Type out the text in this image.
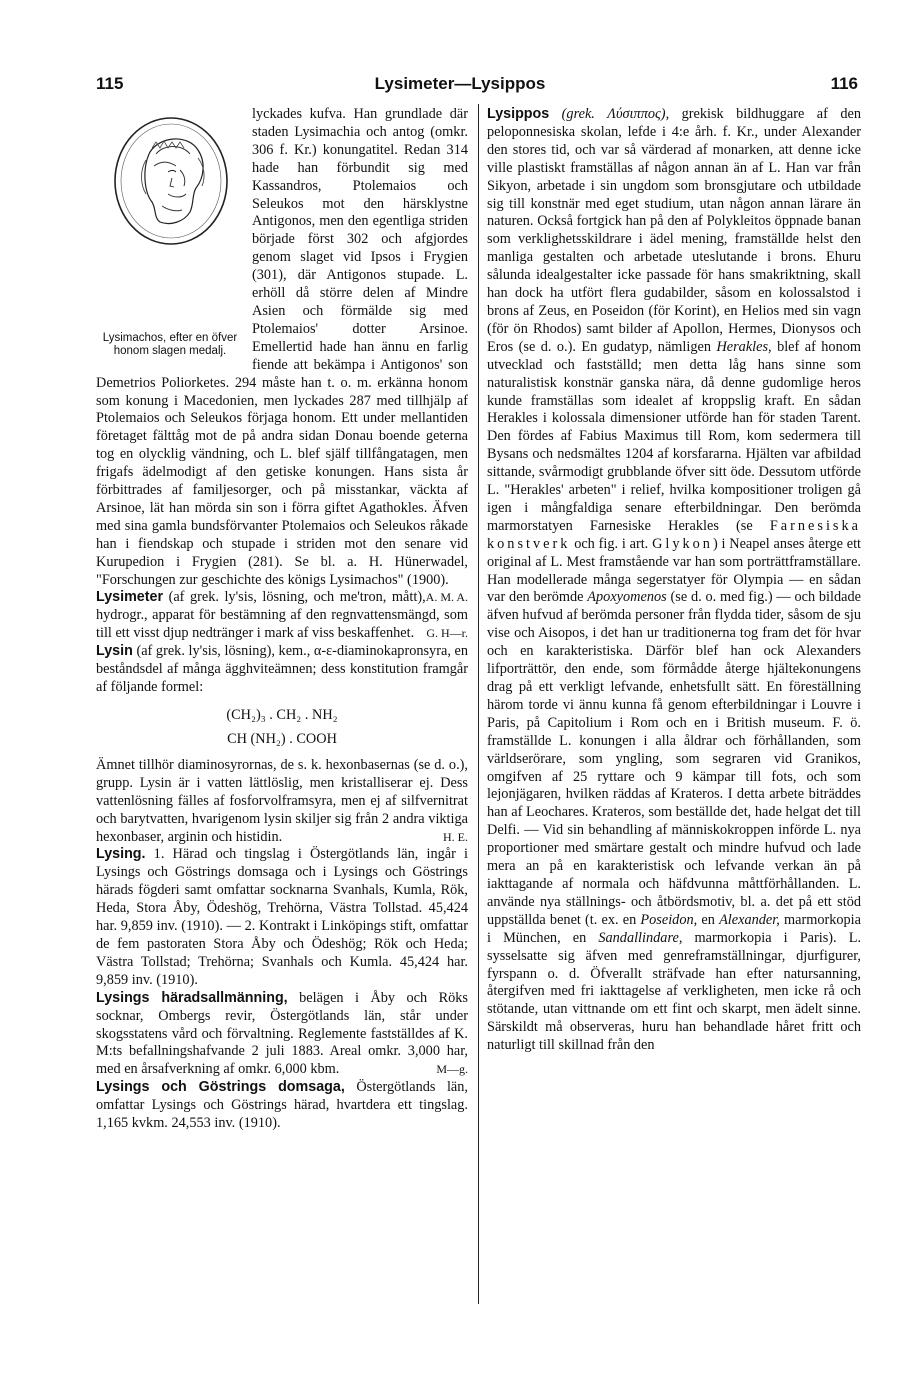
115	Lysimeter—Lysippos	116

Lysimachos, efter en öfver honom slagen medalj.
lyckades kufva. Han grundlade där staden Lysimachia och antog (omkr. 306 f. Kr.) konungatitel. Redan 314 hade han förbundit sig med Kassandros, Ptolemaios och Seleukos mot den härsklystne Antigonos, men den egentliga striden började först 302 och afgjordes genom slaget vid Ipsos i Frygien (301), där Antigonos stupade. L. erhöll då större delen af Mindre Asien och förmälde sig med Ptolemaios' dotter Arsinoe. Emellertid hade han ännu en farlig fiende att bekämpa i Antigonos' son Demetrios Poliorketes. 294 måste han t. o. m. erkänna honom som konung i Macedonien, men lyckades 287 med tillhjälp af Ptolemaios och Seleukos förjaga honom. Ett under mellantiden företaget fälttåg mot de på andra sidan Donau boende geterna tog en olycklig vändning, och L. blef själf tillfångatagen, men frigafs ädelmodigt af den getiske konungen. Hans sista år förbittrades af familjesorger, och på misstankar, väckta af Arsinoe, lät han mörda sin son i förra giftet Agathokles. Äfven med sina gamla bundsförvanter Ptolemaios och Seleukos råkade han i fiendskap och stupade i striden mot den senare vid Kurupedion i Frygien (281). Se bl. a. H. Hünerwadel, "Forschungen zur geschichte des königs Lysimachos" (1900).
A. M. A.

Lysimeter (af grek. ly'sis, lösning, och me'tron, mått), hydrogr., apparat för bestämning af den regnvattensmängd, som till ett visst djup nedtränger i mark af viss beskaffenhet. G. H—r.

Lysin (af grek. ly'sis, lösning), kem., α-ε-diaminokapronsyra, en beståndsdel af många ägghviteämnen; dess konstitution framgår af följande formel:

(CH₂)₃ . CH₂ . NH₂
CH (NH₂) . COOH

Ämnet tillhör diaminosyrornas, de s. k. hexonbasernas (se d. o.), grupp. Lysin är i vatten lättlöslig, men kristalliserar ej. Dess vattenlösning fälles af fosforvolframsyra, men ej af silfvernitrat och barytvatten, hvarigenom lysin skiljer sig från 2 andra viktiga hexonbaser, arginin och histidin.	H. E.

Lysing. 1. Härad och tingslag i Östergötlands län, ingår i Lysings och Göstrings domsaga och i Lysings och Göstrings härads fögderi samt omfattar socknarna Svanhals, Kumla, Rök, Heda, Stora Åby, Ödeshög, Trehörna, Västra Tollstad. 45,424 har. 9,859 inv. (1910). — 2. Kontrakt i Linköpings stift, omfattar de fem pastoraten Stora Åby och Ödeshög; Rök och Heda; Västra Tollstad; Trehörna; Svanhals och Kumla. 45,424 har. 9,859 inv. (1910).

Lysings häradsallmänning, belägen i Åby och Röks socknar, Ombergs revir, Östergötlands län, står under skogsstatens vård och förvaltning. Reglemente fastställdes af K. M:ts befallningshafvande 2 juli 1883. Areal omkr. 3,000 har, med en årsafverkning af omkr. 6,000 kbm.	M—g.

Lysings och Göstrings domsaga, Östergötlands län, omfattar Lysings och Göstrings härad, hvartdera ett tingslag. 1,165 kvkm. 24,553 inv. (1910).

Lysippos (grek. Λύσιππος), grekisk bildhuggare af den peloponnesiska skolan, lefde i 4:e årh. f. Kr., under Alexander den stores tid, och var så värderad af monarken, att denne icke ville plastiskt framställas af någon annan än af L. Han var från Sikyon, arbetade i sin ungdom som bronsgjutare och utbildade sig till konstnär med eget studium, utan någon annan lärare än naturen. Också fortgick han på den af Polykleitos öppnade banan som verklighetsskildrare i ädel mening, framställde helst den manliga gestalten och arbetade uteslutande i brons. Ehuru sålunda idealgestalter icke passade för hans smakriktning, skall han dock ha utfört flera gudabilder, såsom en kolossalstod i brons af Zeus, en Poseidon (för Korint), en Helios med sin vagn (för ön Rhodos) samt bilder af Apollon, Hermes, Dionysos och Eros (se d. o.). En gudatyp, nämligen Herakles, blef af honom utvecklad och fastställd; men detta låg hans sinne som naturalistisk konstnär ganska nära, då denne gudomlige heros kunde framställas som idealet af kroppslig kraft. En sådan Herakles i kolossala dimensioner utförde han för staden Tarent. Den fördes af Fabius Maximus till Rom, kom sedermera till Bysans och nedsmältes 1204 af korsfararna. Hjälten var afbildad sittande, svårmodigt grubblande öfver sitt öde. Dessutom utförde L. "Herakles' arbeten" i relief, hvilka kompositioner troligen gå igen i mångfaldiga senare efterbildningar. Den berömda marmorstatyen Farnesiske Herakles (se Farnesiska konstverk och fig. i art. Glykon) i Neapel anses återge ett original af L. Mest framstående var han som porträttframställare. Han modellerade många segerstatyer för Olympia — en sådan var den berömde Apoxyomenos (se d. o. med fig.) — och bildade äfven hufvud af berömda personer från flydda tider, såsom de sju vise och Aisopos, i det han ur traditionerna tog fram det för hvar och en karakteristiska. Därför blef han ock Alexanders lifporträttör, den ende, som förmådde återge hjältekonungens drag på ett verkligt lefvande, enhetsfullt sätt. En föreställning härom torde vi ännu kunna få genom efterbildningar i Louvre i Paris, på Capitolium i Rom och en i British museum. F. ö. framställde L. konungen i alla åldrar och förhållanden, som världserörare, som yngling, som segraren vid Granikos, omgifven af 25 ryttare och 9 kämpar till fots, och som lejonjägaren, hvilken räddas af Krateros. I detta arbete biträddes han af Leochares. Krateros, som beställde det, hade helgat det till Delfi. — Vid sin behandling af människokroppen införde L. nya proportioner med smärtare gestalt och mindre hufvud och lade mera an på en karakteristisk och lefvande verkan än på iakttagande af normala och häfdvunna måttförhållanden. L. använde nya ställnings- och åtbördsmotiv, bl. a. det på ett stöd uppställda benet (t. ex. en Poseidon, en Alexander, marmorkopia i München, en Sandallindare, marmorkopia i Paris). L. sysselsatte sig äfven med genreframställningar, djurfigurer, fyrspann o. d. Öfverallt sträfvade han efter natursanning, återgifven med fri iakttagelse af verkligheten, men icke rå och stötande, utan vittnande om ett fint och skarpt, men ädelt sinne. Särskildt må observeras, huru han behandlade håret fritt och naturligt till skillnad från den
